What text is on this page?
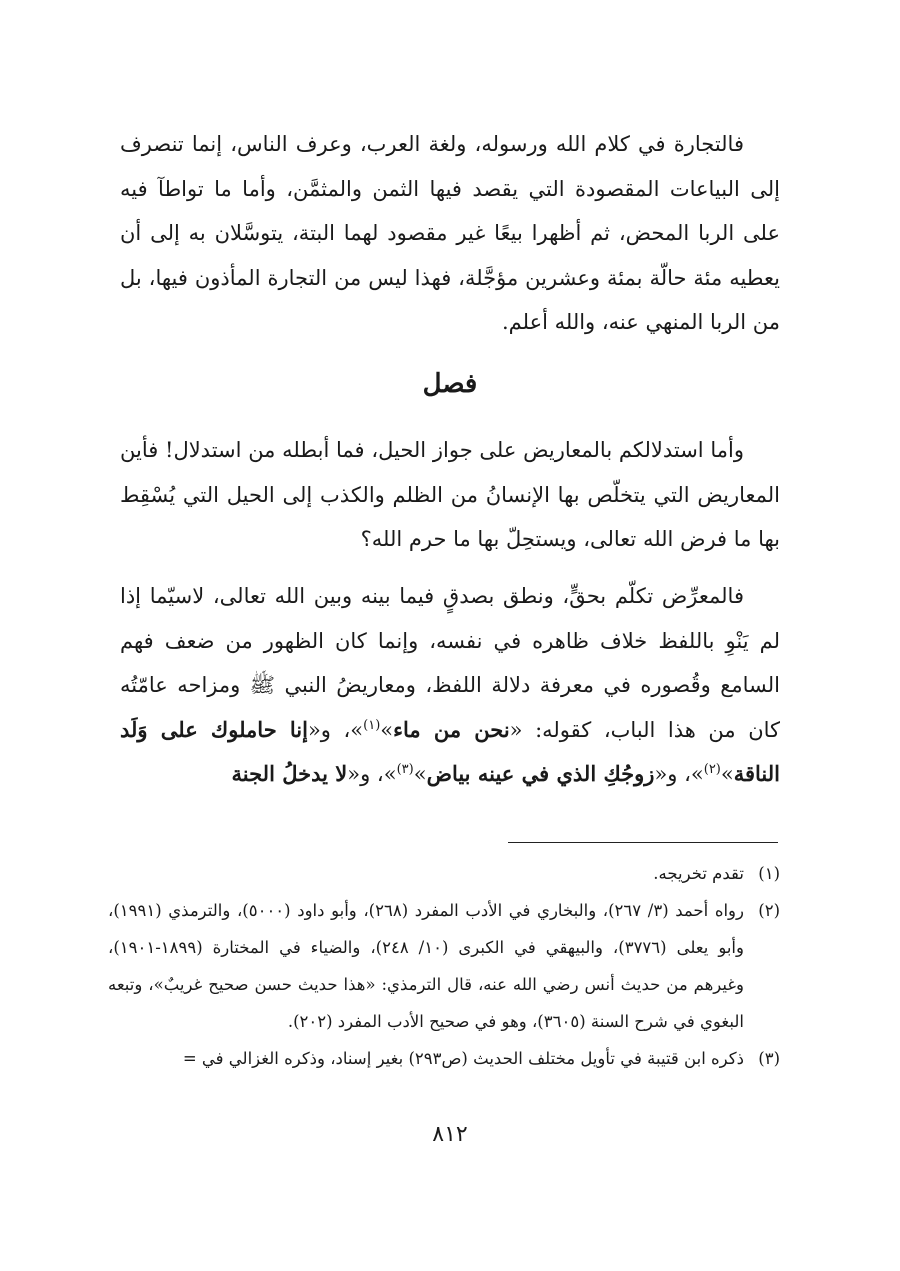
فالتجارة في كلام الله ورسوله، ولغة العرب، وعرف الناس، إنما تنصرف إلى البياعات المقصودة التي يقصد فيها الثمن والمثمَّن، وأما ما تواطآ فيه على الربا المحض، ثم أظهرا بيعًا غير مقصود لهما البتة، يتوسَّلان به إلى أن يعطيه مئة حالّة بمئة وعشرين مؤجَّلة، فهذا ليس من التجارة المأذون فيها، بل من الربا المنهي عنه، والله أعلم.

فصل

وأما استدلالكم بالمعاريض على جواز الحيل، فما أبطله من استدلال! فأين المعاريض التي يتخلّص بها الإنسانُ من الظلم والكذب إلى الحيل التي يُسْقِط بها ما فرض الله تعالى، ويستحِلّ بها ما حرم الله؟

فالمعرِّض تكلّم بحقٍّ، ونطق بصدقٍ فيما بينه وبين الله تعالى، لاسيّما إذا لم يَنْوِ باللفظ خلاف ظاهره في نفسه، وإنما كان الظهور من ضعف فهم السامع وقُصوره في معرفة دلالة اللفظ، ومعاريضُ النبي ﷺ ومزاحه عامّتُه كان من هذا الباب، كقوله: «نحن من ماء»$^{(١)}$»، و«إنا حاملوك على وَلَد الناقة»$^{(٢)}$»، و«زوجُكِ الذي في عينه بياض»$^{(٣)}$»، و«لا يدخلُ الجنة

(١)
تقدم تخريجه.
(٢)
رواه أحمد (٣/ ٢٦٧)، والبخاري في الأدب المفرد (٢٦٨)، وأبو داود (٥٠٠٠)، والترمذي (١٩٩١)، وأبو يعلى (٣٧٧٦)، والبيهقي في الكبرى (١٠/ ٢٤٨)، والضياء في المختارة (١٨٩٩-١٩٠١)، وغيرهم من حديث أنس رضي الله عنه، قال الترمذي: «هذا حديث حسن صحيح غريبٌ»، وتبعه البغوي في شرح السنة (٣٦٠٥)، وهو في صحيح الأدب المفرد (٢٠٢).
(٣)
ذكره ابن قتيبة في تأويل مختلف الحديث (ص٢٩٣) بغير إسناد، وذكره الغزالي في =
٨١٢
